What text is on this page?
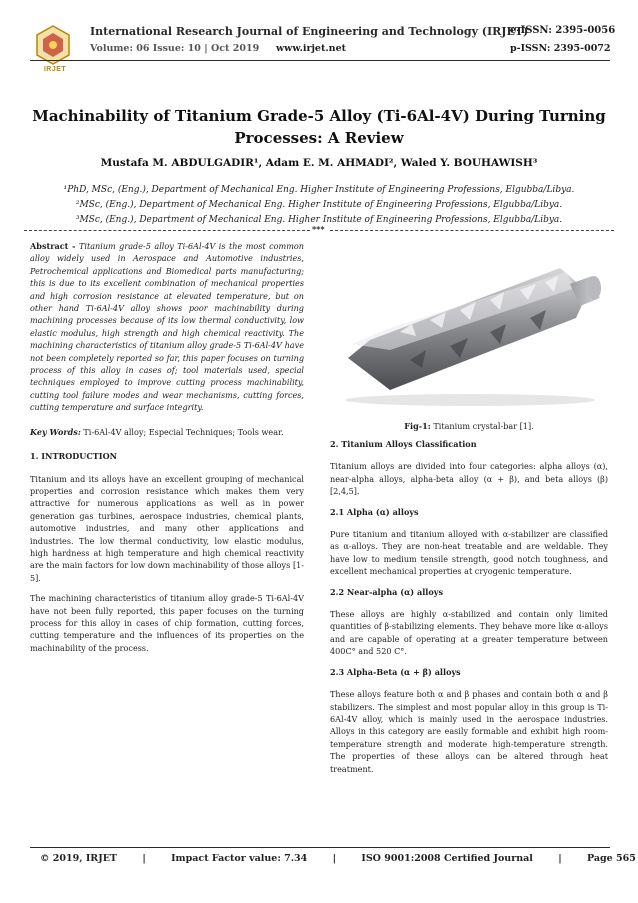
IRJET
International Research Journal of Engineering and Technology (IRJET)
e-ISSN: 2395-0056
Volume: 06 Issue: 10 | Oct 2019 www.irjet.net	p-ISSN: 2395-0072
Machinability of Titanium Grade-5 Alloy (Ti-6Al-4V) During Turning Processes: A Review
Mustafa M. ABDULGADIR¹, Adam E. M. AHMADI², Waled Y. BOUHAWISH³
¹PhD, MSc, (Eng.), Department of Mechanical Eng. Higher Institute of Engineering Professions, Elgubba/Libya.
²MSc, (Eng.), Department of Mechanical Eng. Higher Institute of Engineering Professions, Elgubba/Libya.
³MSc, (Eng.), Department of Mechanical Eng. Higher Institute of Engineering Professions, Elgubba/Libya.
***

Abstract - Titanium grade-5 alloy Ti-6Al-4V is the most common alloy widely used in Aerospace and Automotive industries, Petrochemical applications and Biomedical parts manufacturing; this is due to its excellent combination of mechanical properties and high corrosion resistance at elevated temperature, but on other hand Ti-6Al-4V alloy shows poor machinability during machining processes because of its low thermal conductivity, low elastic modulus, high strength and high chemical reactivity. The machining characteristics of titanium alloy grade-5 Ti-6Al-4V have not been completely reported so far, this paper focuses on turning process of this alloy in cases of; tool materials used, special techniques employed to improve cutting process machinability, cutting tool failure modes and wear mechanisms, cutting forces, cutting temperature and surface integrity.

Key Words: Ti-6Al-4V alloy; Especial Techniques; Tools wear.

1. INTRODUCTION

Titanium and its alloys have an excellent grouping of mechanical properties and corrosion resistance which makes them very attractive for numerous applications as well as in power generation gas turbines, aerospace industries, chemical plants, automotive industries, and many other applications and industries. The low thermal conductivity, low elastic modulus, high hardness at high temperature and high chemical reactivity are the main factors for low down machinability of those alloys [1-5].

The machining characteristics of titanium alloy grade-5 Ti-6Al-4V have not been fully reported, this paper focuses on the turning process for this alloy in cases of chip formation, cutting forces, cutting temperature and the influences of its properties on the machinability of the process.

Fig-1: Titanium crystal-bar [1].
2. Titanium Alloys Classification

Titanium alloys are divided into four categories: alpha alloys (α), near-alpha alloys, alpha-beta alloy (α + β), and beta alloys (β) [2,4,5].

2.1 Alpha (α) alloys

Pure titanium and titanium alloyed with α-stabilizer are classified as α-alloys. They are non-heat treatable and are weldable. They have low to medium tensile strength, good notch toughness, and excellent mechanical properties at cryogenic temperature.

2.2 Near-alpha (α) alloys

These alloys are highly α-stabilized and contain only limited quantities of β-stabilizing elements. They behave more like α-alloys and are capable of operating at a greater temperature between 400C° and 520 C°.

2.3 Alpha-Beta (α + β) alloys

These alloys feature both α and β phases and contain both α and β stabilizers. The simplest and most popular alloy in this group is Ti-6Al-4V alloy, which is mainly used in the aerospace industries. Alloys in this category are easily formable and exhibit high room-temperature strength and moderate high-temperature strength. The properties of these alloys can be altered through heat treatment.

© 2019, IRJET	|	Impact Factor value: 7.34	|	ISO 9001:2008 Certified Journal	|	Page 565
